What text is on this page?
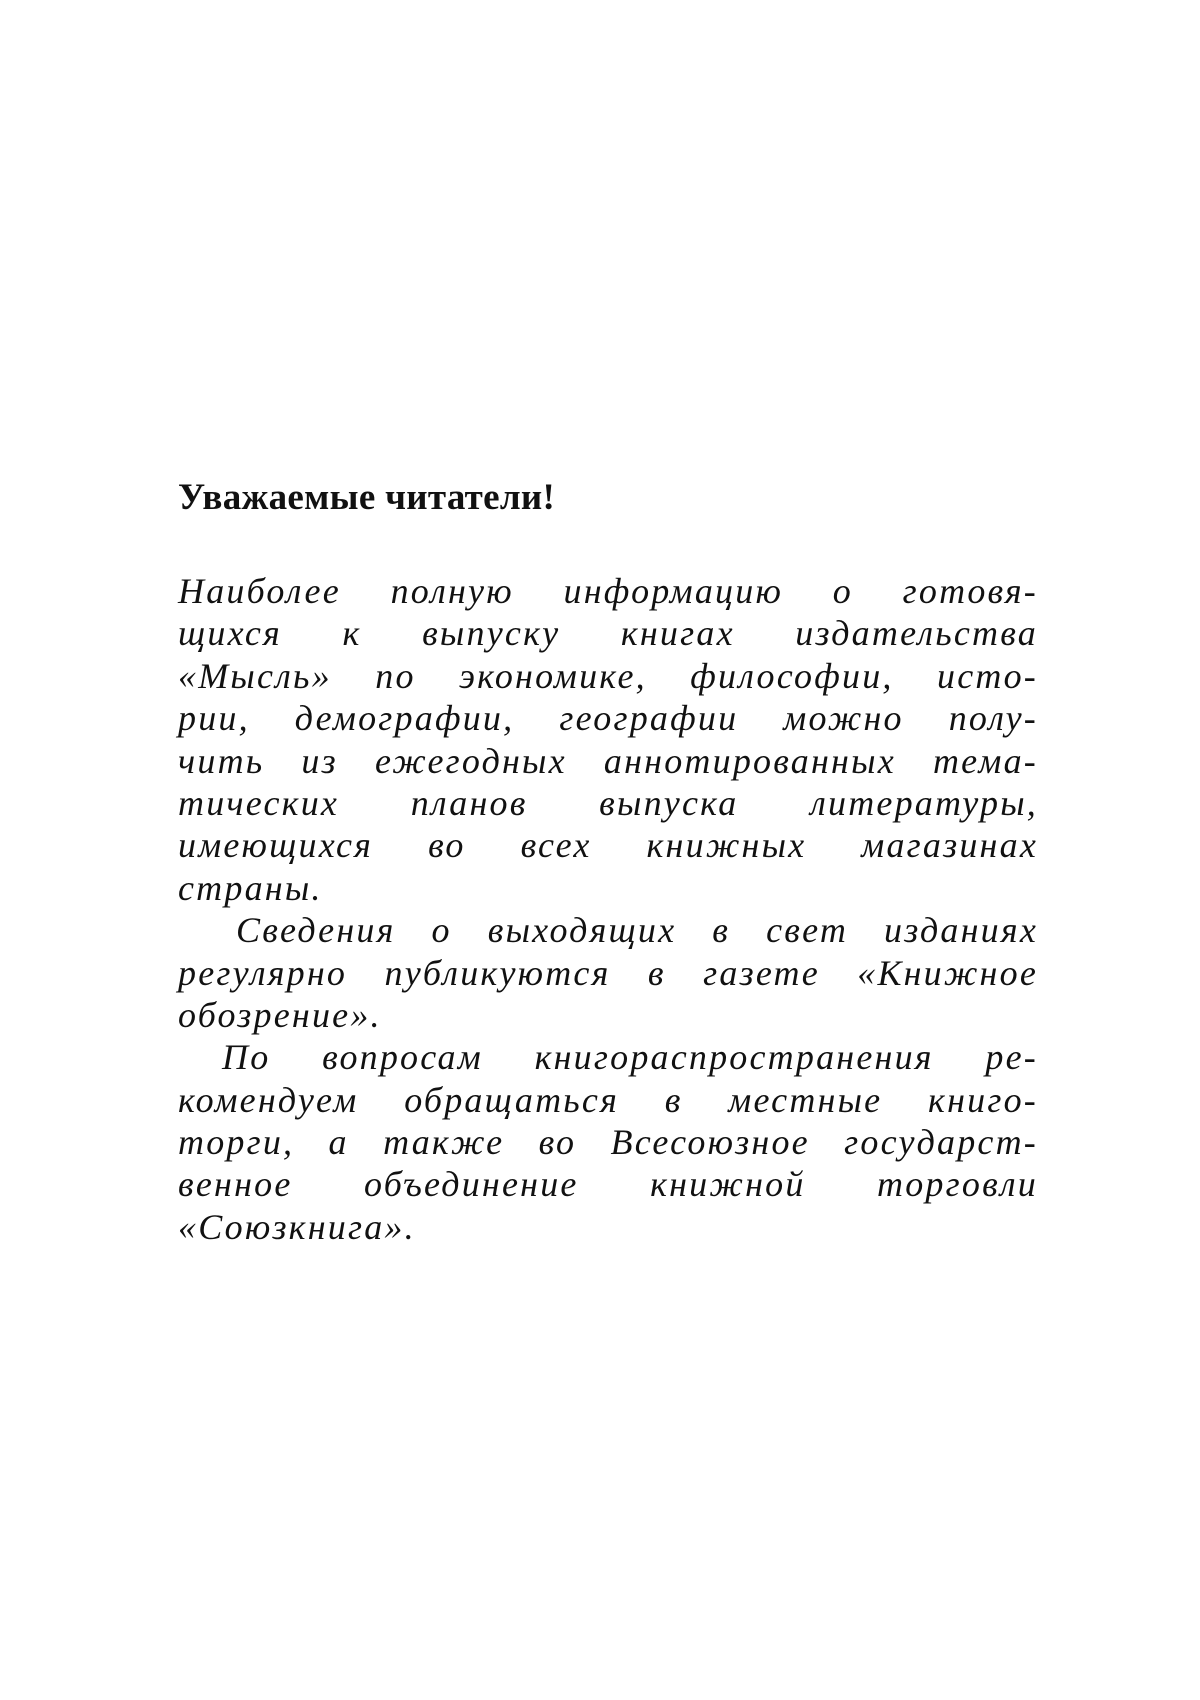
Уважаемые читатели!
Наиболее полную информацию о готовя-
щихся к выпуску книгах издательства
«Мысль» по экономике, философии, исто-
рии, демографии, географии можно полу-
чить из ежегодных аннотированных тема-
тических планов выпуска литературы,
имеющихся во всех книжных магазинах
страны.
Сведения о выходящих в свет изданиях
регулярно публикуются в газете «Книжное
обозрение».
По вопросам книгораспространения ре-
комендуем обращаться в местные книго-
торги, а также во Всесоюзное государст-
венное объединение книжной торговли
«Союзкнига».
